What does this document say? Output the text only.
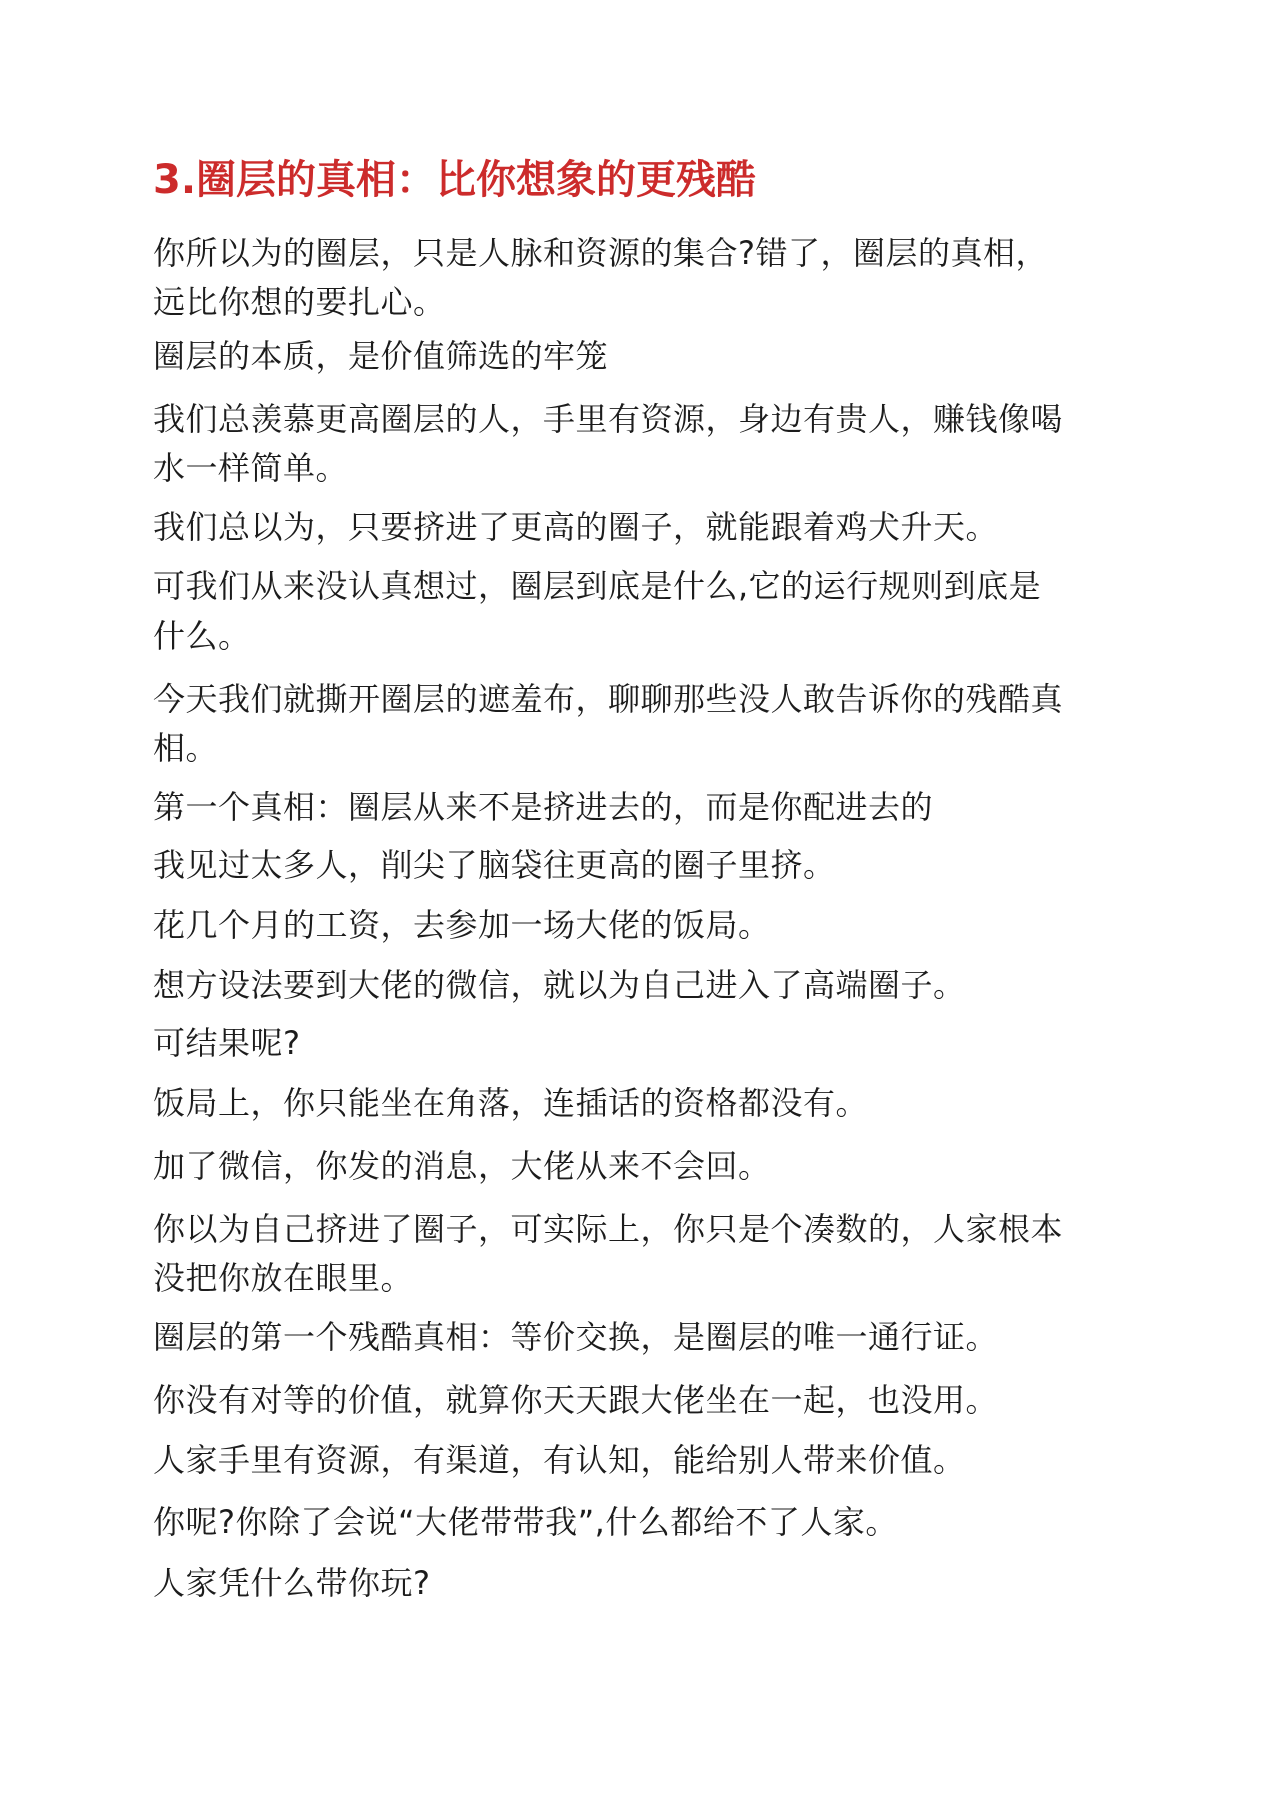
3.圈层的真相：比你想象的更残酷
你所以为的圈层，只是人脉和资源的集合?错了，圈层的真相，
远比你想的要扎心。
圈层的本质，是价值筛选的牢笼
我们总羡慕更高圈层的人，手里有资源，身边有贵人，赚钱像喝
水一样简单。
我们总以为，只要挤进了更高的圈子，就能跟着鸡犬升天。
可我们从来没认真想过，圈层到底是什么,它的运行规则到底是
什么。
今天我们就撕开圈层的遮羞布，聊聊那些没人敢告诉你的残酷真
相。
第一个真相：圈层从来不是挤进去的，而是你配进去的
我见过太多人，削尖了脑袋往更高的圈子里挤。
花几个月的工资，去参加一场大佬的饭局。
想方设法要到大佬的微信，就以为自己进入了高端圈子。
可结果呢?
饭局上，你只能坐在角落，连插话的资格都没有。
加了微信，你发的消息，大佬从来不会回。
你以为自己挤进了圈子，可实际上，你只是个凑数的，人家根本
没把你放在眼里。
圈层的第一个残酷真相：等价交换，是圈层的唯一通行证。
你没有对等的价值，就算你天天跟大佬坐在一起，也没用。
人家手里有资源，有渠道，有认知，能给别人带来价值。
你呢?你除了会说“大佬带带我”,什么都给不了人家。
人家凭什么带你玩?
